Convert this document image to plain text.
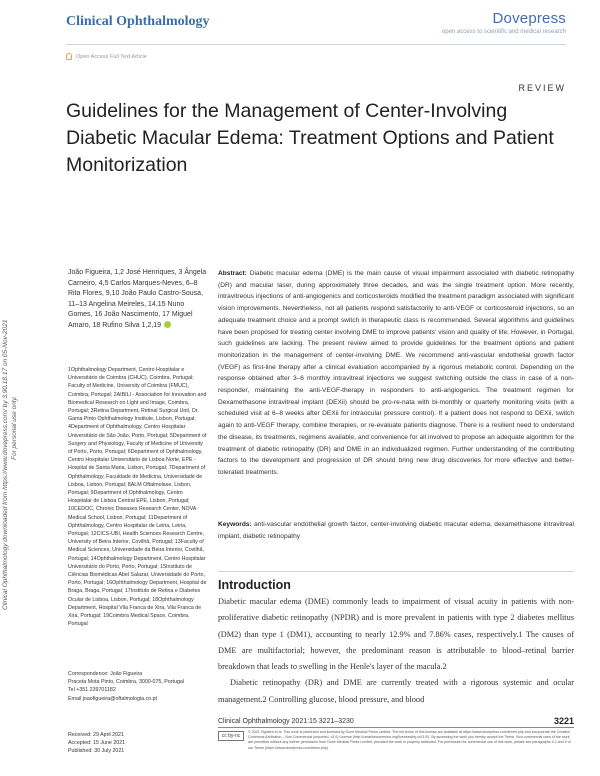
Clinical Ophthalmology	Dovepress
open access to scientific and medical research
Open Access Full Text Article
REVIEW
Guidelines for the Management of Center-Involving Diabetic Macular Edema: Treatment Options and Patient Monitorization
Clinical Ophthalmology downloaded from https://www.dovepress.com/ by 3.90.18.17 on 05-Nov-2021 For personal use only.
João Figueira, 1,2 José Henriques, 3 Ângela Carneiro, 4,5 Carlos Marques-Neves, 6–8 Rita Flores, 9,10 João Paulo Castro-Sousa, 11–13 Angelina Meireles, 14,15 Nuno Gomes, 16 João Nascimento, 17 Miguel Amaro, 18 Rufino Silva 1,2,19
1Ophthalmology Department, Centro Hospitalar e Universitário de Coimbra (CHUC), Coimbra, Portugal; Faculty of Medicine, University of Coimbra (FMUC), Coimbra, Portugal; 2AIBILI - Association for Innovation and Biomedical Research on Light and Image, Coimbra, Portugal; 3Retina Department, Retinal Surgical Unit, Dr. Gama Pinto Ophthalmology Institute, Lisbon, Portugal; 4Department of Ophthalmology, Centro Hospitalar Universitário de São João, Porto, Portugal; 5Department of Surgery and Physiology, Faculty of Medicine of University of Porto, Porto, Portugal; 6Department of Ophthalmology, Centro Hospitalar Universitário de Lisboa Norte, EPE - Hospital de Santa Maria, Lisbon, Portugal; 7Department of Ophthalmology, Faculdade de Medicina, Universidade de Lisboa, Lisbon, Portugal; 8ALM Oftalmolase, Lisbon, Portugal; 9Department of Ophthalmology, Centro Hospitalar de Lisboa Central EPE, Lisbon, Portugal; 10CEDOC, Chronic Diseases Research Center, NOVA Medical School, Lisbon, Portugal; 11Department of Ophthalmology, Centro Hospitalar de Leiria, Leiria, Portugal; 12CICS-UBI, Health Sciences Research Centre, University of Beira Interior, Covilhã, Portugal; 13Faculty of Medical Sciences, Universidade da Beira Interior, Covilhã, Portugal; 14Ophthalmology Department, Centro Hospitalar Universitário do Porto, Porto, Portugal; 15Instituto de Ciências Biomédicas Abel Salazar, Universidade do Porto, Porto, Portugal; 16Ophthalmology Department, Hospital de Braga, Braga, Portugal; 17Instituto de Retina e Diabetes Ocular de Lisboa, Lisbon, Portugal; 18Ophthalmology Department, Hospital Vila Franca de Xira, Vila Franca de Xira, Portugal; 19Coimbra Medical Space, Coimbra, Portugal
Correspondence: João Figueira
Praceta Mota Pinto, Coimbra, 3000-075, Portugal
Tel +351 239701182
Email joaofigueira@oftalmologia.co.pt
Received: 29 April 2021
Accepted: 15 June 2021
Published: 30 July 2021
Abstract: Diabetic macular edema (DME) is the main cause of visual impairment associated with diabetic retinopathy (DR) and macular laser, during approximately three decades, and was the single treatment option. More recently, intravitreous injections of anti-angiogenics and corticosteroids modified the treatment paradigm associated with significant vision improvements. Nevertheless, not all patients respond satisfactorily to anti-VEGF or corticosteroid injections, so an adequate treatment choice and a prompt switch in therapeutic class is recommended. Several algorithms and guidelines have been proposed for treating center involving DME to improve patients' vision and quality of life. However, in Portugal, such guidelines are lacking. The present review aimed to provide guidelines for the treatment options and patient monitorization in the management of center-involving DME. We recommend anti-vascular endothelial growth factor (VEGF) as first-line therapy after a clinical evaluation accompanied by a rigorous metabolic control. Depending on the response obtained after 3–6 monthly intravitreal injections we suggest switching outside the class in case of a non-responder, maintaining the anti-VEGF-therapy in responders to anti-angiogenics. The treatment regimen for Dexamethasone intravitreal implant (DEXii) should be pro-re-nata with bi-monthly or quarterly monitoring visits (with a scheduled visit at 6–8 weeks after DEXii for intraocular pressure control). If a patient does not respond to DEXii, switch again to anti-VEGF therapy, combine therapies, or re-evaluate patients diagnose. There is a resilient need to understand the disease, its treatments, regimens available, and convenience for all involved to propose an adequate algorithm for the treatment of diabetic retinopathy (DR) and DME in an individualized regimen. Further understanding of the contributing factors to the development and progression of DR should bring new drug discoveries for more effective and better-tolerated treatments.
Keywords: anti-vascular endothelial growth factor, center-involving diabetic macular edema, dexamethasone intravitreal implant, diabetic retinopathy
Introduction

Diabetic macular edema (DME) commonly leads to impairment of visual acuity in patients with non-proliferative diabetic retinopathy (NPDR) and is more prevalent in patients with type 2 diabetes mellitus (DM2) than type 1 (DM1), accounting to nearly 12.9% and 7.86% cases, respectively.1 The causes of DME are multifactorial; however, the predominant reason is attributable to blood–retinal barrier breakdown that leads to swelling in the Henle's layer of the macula.2

Diabetic retinopathy (DR) and DME are currently treated with a rigorous systemic and ocular management.2 Controlling glucose, blood pressure, and blood

Clinical Ophthalmology 2021:15 3221–3230	3221
cc by-nc
© 2021 Figueira et al. This work is published and licensed by Dove Medical Press Limited. The full terms of this license are available at https://www.dovepress.com/terms.php and incorporate the Creative Commons Attribution – Non Commercial (unported, v3.0) License (http://creativecommons.org/licenses/by-nc/3.0/). By accessing the work you hereby accept the Terms. Non-commercial uses of the work are permitted without any further permission from Dove Medical Press Limited, provided the work is properly attributed. For permission for commercial use of this work, please see paragraphs 4.2 and 5 of our Terms (https://www.dovepress.com/terms.php).
